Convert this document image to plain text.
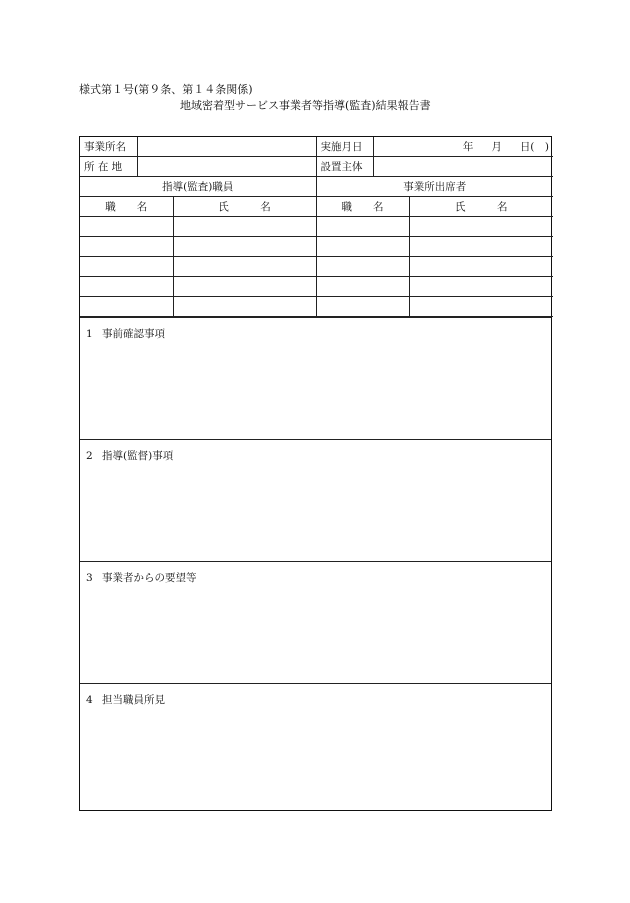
様式第１号(第９条、第１４条関係)
地域密着型サービス事業者等指導(監査)結果報告書
事業所名			実施月日	年 月 日(　)	
所 在 地			設置主体		
指導(監査)職員			事業所出席者		
職　　名		氏　　　名	職　　名		氏　　　名

1 事前確認事項
2 指導(監督)事項
3 事業者からの要望等
4 担当職員所見
